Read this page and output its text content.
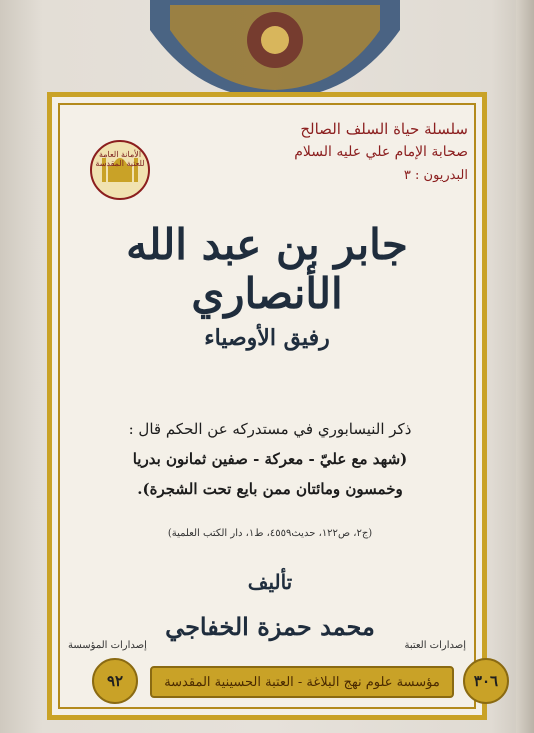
الأمانة العامة للعتبة المقدسة
سلسلة حياة السلف الصالح
صحابة الإمام علي عليه السلام
البدريون : ٣
جابر بن عبد الله الأنصاري
رفيق الأوصياء
ذكر النيسابوري في مستدركه عن الحكم قال :
(شهد مع عليّ - معركة - صفين ثمانون بدريا
وخمسون ومائتان ممن بايع تحت الشجرة).
(ج٢، ص١٢٢، حديث٤٥٥٩، ط١، دار الكتب العلمية)
تأليف
محمد حمزة الخفاجي
إصدارات المؤسسة	إصدارات العتبة
٩٢	٣٠٦
مؤسسة علوم نهج البلاغة - العتبة الحسينية المقدسة
